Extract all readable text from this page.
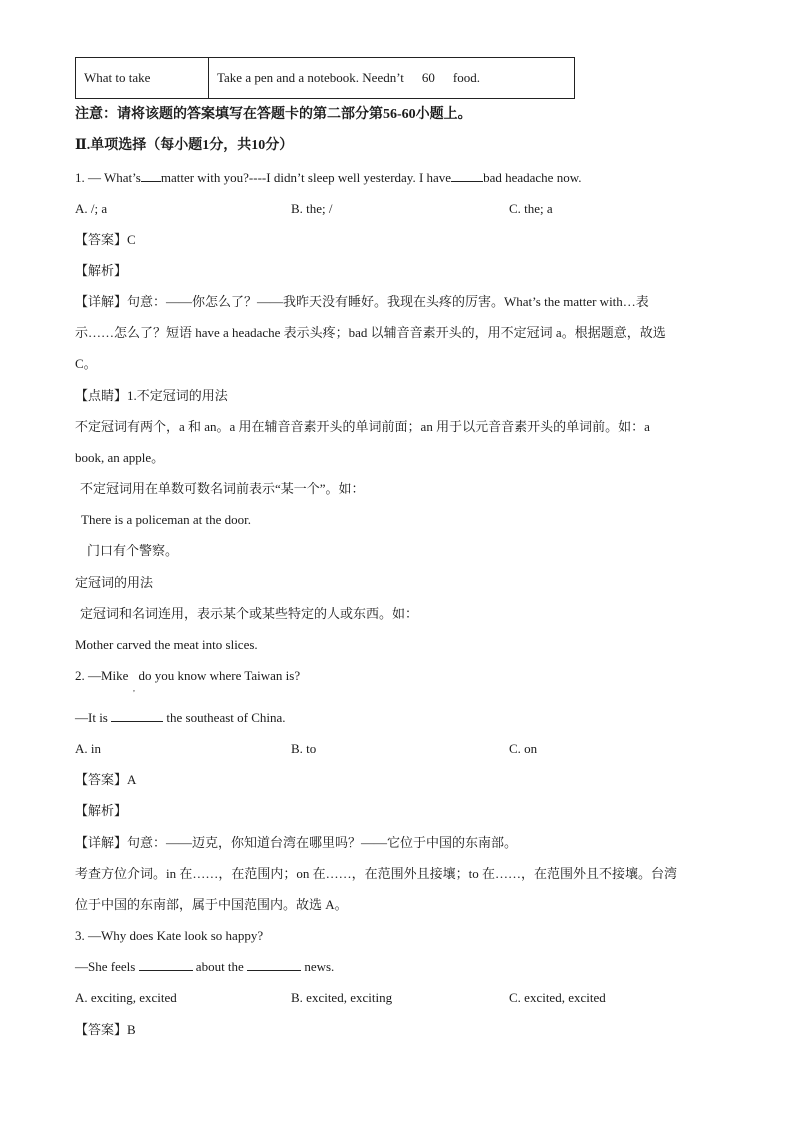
What to take	Take a pen and a notebook. Needn’t 60 food.
注意：请将该题的答案填写在答题卡的第二部分第56-60小题上。
Ⅱ.单项选择（每小题1分，共10分）
1. — What’s matter with you?----I didn’t sleep well yesterday. I have bad headache now.
A. /; a	B. the; /	C. the; a
【答案】C
【解析】
【详解】句意：——你怎么了？——我昨天没有睡好。我现在头疼的厉害。What’s the matter with…表
示……怎么了？短语 have a headache 表示头疼；bad 以辅音音素开头的，用不定冠词 a。根据题意，故选
C。
【点睛】1.不定冠词的用法
不定冠词有两个，a 和 an。a 用在辅音音素开头的单词前面；an 用于以元音音素开头的单词前。如：a
book, an apple。
不定冠词用在单数可数名词前表示“某一个”。如：
There is a policeman at the door.
门口有个警察。
定冠词的用法
定冠词和名词连用，表示某个或某些特定的人或东西。如：
Mother carved the meat into slices.
2. —Mike do you know where Taiwan is?
,
—It is	the southeast of China.
A. in	B. to	C. on
【答案】A
【解析】
【详解】句意：——迈克，你知道台湾在哪里吗？——它位于中国的东南部。
考查方位介词。in 在……，在范围内；on 在……，在范围外且接壤；to 在……，在范围外且不接壤。台湾
位于中国的东南部，属于中国范围内。故选 A。
3. —Why does Kate look so happy?
—She feels	about the	news.
A. exciting, excited	B. excited, exciting	C. excited, excited
【答案】B
